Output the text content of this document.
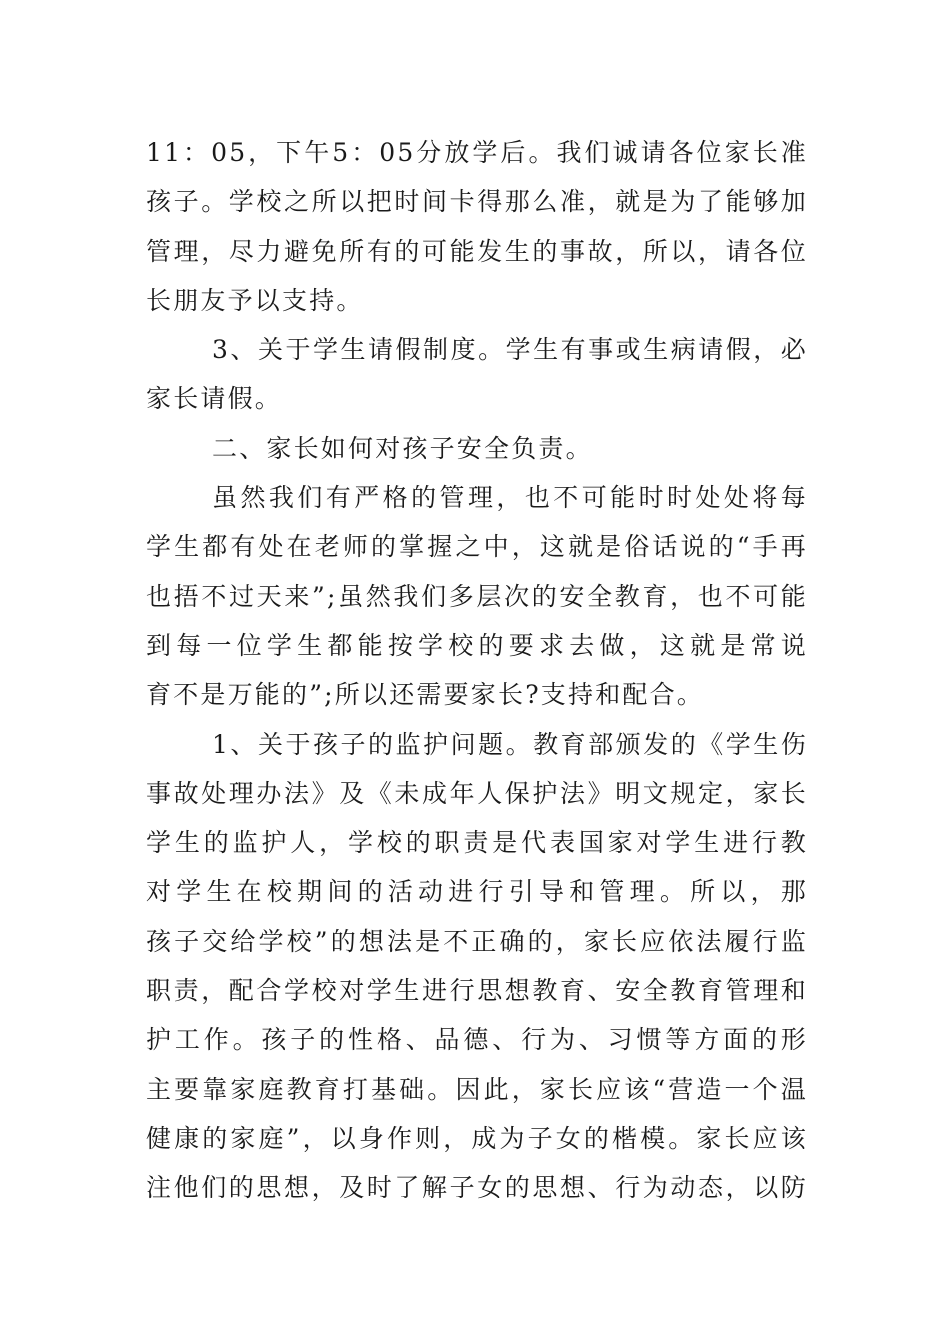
11：05，下午5：05分放学后。我们诚请各位家长准
孩子。学校之所以把时间卡得那么准，就是为了能够加
管理，尽力避免所有的可能发生的事故，所以，请各位
长朋友予以支持。
3、关于学生请假制度。学生有事或生病请假，必
家长请假。
二、家长如何对孩子安全负责。
虽然我们有严格的管理，也不可能时时处处将每
学生都有处在老师的掌握之中，这就是俗话说的“手再
也捂不过天来”;虽然我们多层次的安全教育，也不可能
到每一位学生都能按学校的要求去做，这就是常说
育不是万能的”;所以还需要家长?支持和配合。
1、关于孩子的监护问题。教育部颁发的《学生伤
事故处理办法》及《未成年人保护法》明文规定，家长
学生的监护人，学校的职责是代表国家对学生进行教
对学生在校期间的活动进行引导和管理。所以，那
孩子交给学校”的想法是不正确的，家长应依法履行监
职责，配合学校对学生进行思想教育、安全教育管理和
护工作。孩子的性格、品德、行为、习惯等方面的形
主要靠家庭教育打基础。因此，家长应该“营造一个温
健康的家庭”，以身作则，成为子女的楷模。家长应该
注他们的思想，及时了解子女的思想、行为动态，以防
